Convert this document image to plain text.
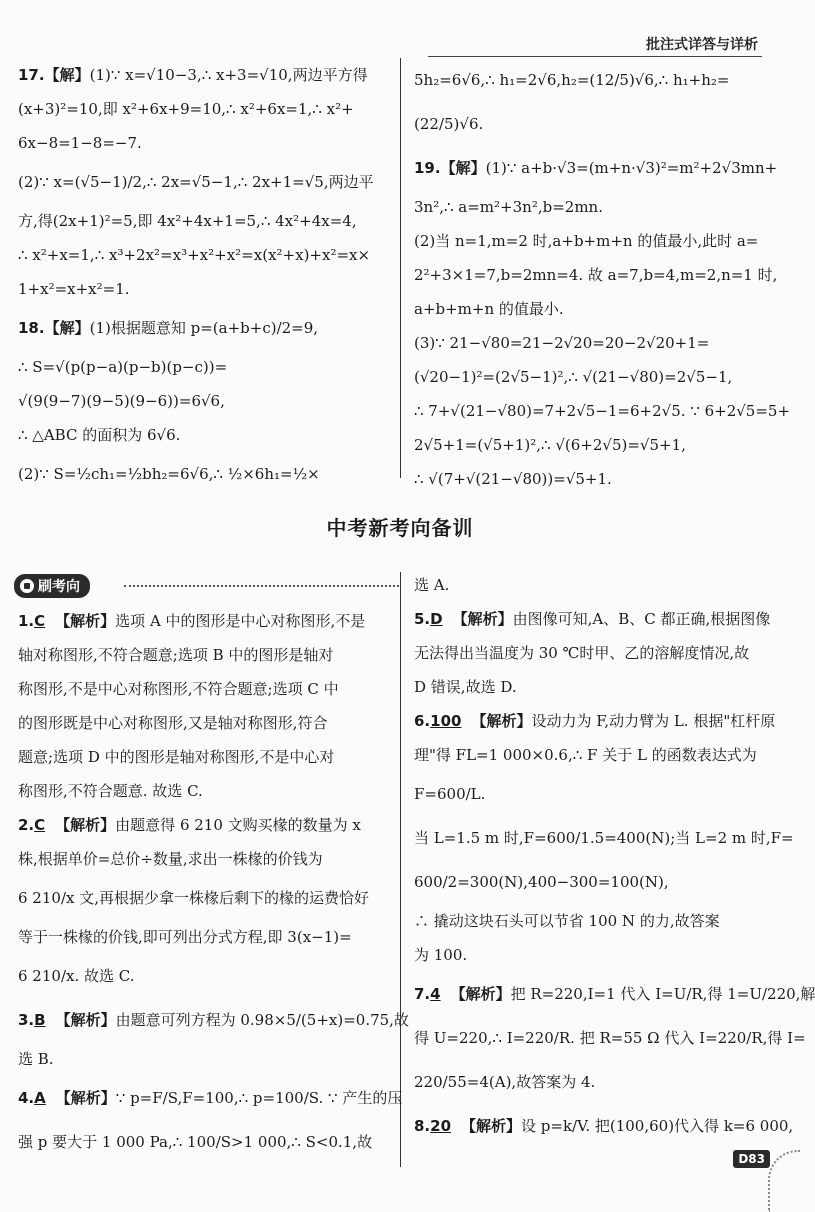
批注式详答与详析
17.【解】(1)∵ x=√10−3,∴ x+3=√10,两边平方得
(x+3)²=10,即 x²+6x+9=10,∴ x²+6x=1,∴ x²+
6x−8=1−8=−7.
(2)∵ x=(√5−1)/2,∴ 2x=√5−1,∴ 2x+1=√5,两边平
方,得(2x+1)²=5,即 4x²+4x+1=5,∴ 4x²+4x=4,
∴ x²+x=1,∴ x³+2x²=x³+x²+x²=x(x²+x)+x²=x×
1+x²=x+x²=1.
18.【解】(1)根据题意知 p=(a+b+c)/2=9,
∴ S=√(p(p−a)(p−b)(p−c))=
√(9(9−7)(9−5)(9−6))=6√6,
∴ △ABC 的面积为 6√6.
(2)∵ S=½ch₁=½bh₂=6√6,∴ ½×6h₁=½×
5h₂=6√6,∴ h₁=2√6,h₂=(12/5)√6,∴ h₁+h₂=
(22/5)√6.
19.【解】(1)∵ a+b·√3=(m+n·√3)²=m²+2√3mn+
3n²,∴ a=m²+3n²,b=2mn.
(2)当 n=1,m=2 时,a+b+m+n 的值最小,此时 a=
2²+3×1=7,b=2mn=4. 故 a=7,b=4,m=2,n=1 时,
a+b+m+n 的值最小.
(3)∵ 21−√80=21−2√20=20−2√20+1=
(√20−1)²=(2√5−1)²,∴ √(21−√80)=2√5−1,
∴ 7+√(21−√80)=7+2√5−1=6+2√5. ∵ 6+2√5=5+
2√5+1=(√5+1)²,∴ √(6+2√5)=√5+1,
∴ √(7+√(21−√80))=√5+1.
中考新考向备训
刷考向
1.C 【解析】选项 A 中的图形是中心对称图形,不是
轴对称图形,不符合题意;选项 B 中的图形是轴对
称图形,不是中心对称图形,不符合题意;选项 C 中
的图形既是中心对称图形,又是轴对称图形,符合
题意;选项 D 中的图形是轴对称图形,不是中心对
称图形,不符合题意. 故选 C.
2.C 【解析】由题意得 6 210 文购买椽的数量为 x
株,根据单价=总价÷数量,求出一株椽的价钱为
6 210/x 文,再根据少拿一株椽后剩下的椽的运费恰好
等于一株椽的价钱,即可列出分式方程,即 3(x−1)=
6 210/x. 故选 C.
3.B 【解析】由题意可列方程为 0.98×5/(5+x)=0.75,故
选 B.
4.A 【解析】∵ p=F/S,F=100,∴ p=100/S. ∵ 产生的压
强 p 要大于 1 000 Pa,∴ 100/S>1 000,∴ S<0.1,故
选 A.
5.D 【解析】由图像可知,A、B、C 都正确,根据图像
无法得出当温度为 30 ℃时甲、乙的溶解度情况,故
D 错误,故选 D.
6.100 【解析】设动力为 F,动力臂为 L. 根据"杠杆原
理"得 FL=1 000×0.6,∴ F 关于 L 的函数表达式为
F=600/L.
当 L=1.5 m 时,F=600/1.5=400(N);当 L=2 m 时,F=
600/2=300(N),400−300=100(N),
∴ 撬动这块石头可以节省 100 N 的力,故答案
为 100.
7.4 【解析】把 R=220,I=1 代入 I=U/R,得 1=U/220,解
得 U=220,∴ I=220/R. 把 R=55 Ω 代入 I=220/R,得 I=
220/55=4(A),故答案为 4.
8.20 【解析】设 p=k/V. 把(100,60)代入得 k=6 000,
D83
